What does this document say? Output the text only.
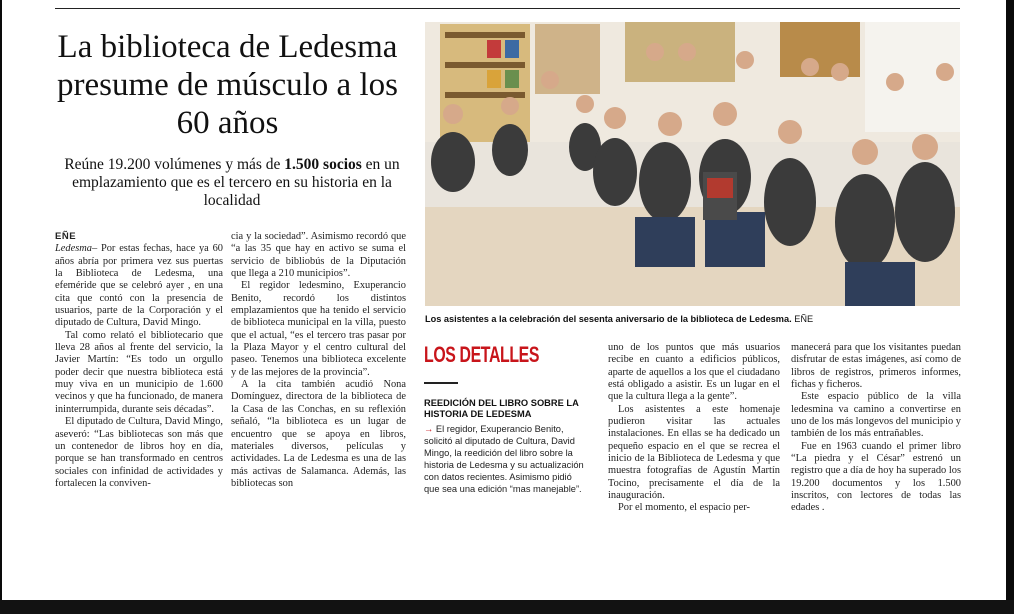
La biblioteca de Ledesma presume de músculo a los 60 años

Reúne 19.200 volúmenes y más de 1.500 socios en un emplazamiento que es el tercero en su historia en la localidad

Los asistentes a la celebración del sesenta aniversario de la biblioteca de Ledesma. EÑE

EÑE

Ledesma– Por estas fechas, hace ya 60 años abría por primera vez sus puertas la Biblioteca de Ledesma, una efeméride que se celebró ayer , en una cita que contó con la presencia de usuarios, parte de la Corporación y el diputado de Cultura, David Mingo.

Tal como relató el bibliotecario que lleva 28 años al frente del servicio, la Javier Martín: “Es todo un orgullo poder decir que nuestra biblioteca está muy viva en un municipio de 1.600 vecinos y que ha funcionado, de manera ininterrumpida, durante seis décadas”.

El diputado de Cultura, David Mingo, aseveró: “Las bibliotecas son más que un contenedor de libros hoy en día, porque se han transformado en centros sociales con infinidad de actividades y fortalecen la conviven-

cia y la sociedad”. Asimismo recordó que “a las 35 que hay en activo se suma el servicio de bibliobús de la Diputación que llega a 210 municipios”.

El regidor ledesmino, Exuperancio Benito, recordó los distintos emplazamientos que ha tenido el servicio de biblioteca municipal en la villa, puesto que el actual, “es el tercero tras pasar por la Plaza Mayor y el centro cultural del paseo. Tenemos una biblioteca excelente y de las mejores de la provincia”.

A la cita también acudió Nona Domínguez, directora de la biblioteca de la Casa de las Conchas, en su reflexión señaló, “la biblioteca es un lugar de encuentro que se apoya en libros, materiales diversos, películas y actividades. La de Ledesma es una de las más activas de Salamanca. Además, las bibliotecas son

LOS DETALLES
REEDICIÓN DEL LIBRO SOBRE LA HISTORIA DE LEDESMA
→ El regidor, Exuperancio Benito, solicitó al diputado de Cultura, David Mingo, la reedición del libro sobre la historia de Ledesma y su actualización con datos recientes. Asimismo pidió que sea una edición “mas manejable”.

uno de los puntos que más usuarios recibe en cuanto a edificios públicos, aparte de aquellos a los que el ciudadano está obligado a asistir. Es un lugar en el que la cultura llega a la gente”.

Los asistentes a este homenaje pudieron visitar las actuales instalaciones. En ellas se ha dedicado un pequeño espacio en el que se recrea el inicio de la Biblioteca de Ledesma y que muestra fotografías de Agustín Martín Tocino, precisamente el día de la inauguración.

Por el momento, el espacio per-

manecerá para que los visitantes puedan disfrutar de estas imágenes, así como de libros de registros, primeros informes, fichas y ficheros.

Este espacio público de la villa ledesmina va camino a convertirse en uno de los más longevos del municipio y también de los más entrañables.

Fue en 1963 cuando el primer libro “La piedra y el César” estrenó un registro que a día de hoy ha superado los 19.200 documentos y los 1.500 inscritos, con lectores de todas las edades .
